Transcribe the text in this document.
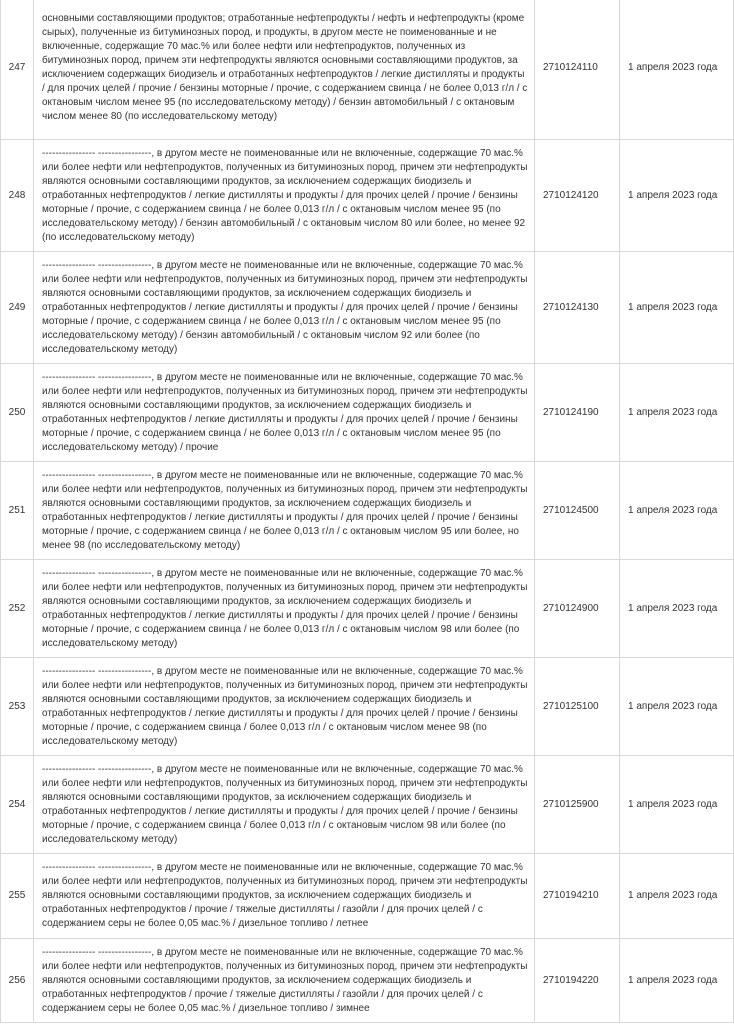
247	основными составляющими продуктов; отработанные нефтепродукты / нефть и нефтепродукты (кроме сырых), полученные из битуминозных пород, и продукты, в другом месте не поименованные и не включенные, содержащие 70 мас.% или более нефти или нефтепродуктов, полученных из битуминозных пород, причем эти нефтепродукты являются основными составляющими продуктов, за исключением содержащих биодизель и отработанных нефтепродуктов / легкие дистилляты и продукты / для прочих целей / прочие / бензины моторные / прочие, с содержанием свинца / не более 0,013 г/л / с октановым числом менее 95 (по исследовательскому методу) / бензин автомобильный / с октановым числом менее 80 (по исследовательскому методу)	2710124110	1 апреля 2023 года
248	---------------- ----------------, в другом месте не поименованные или не включенные, содержащие 70 мас.% или более нефти или нефтепродуктов, полученных из битуминозных пород, причем эти нефтепродукты являются основными составляющими продуктов, за исключением содержащих биодизель и отработанных нефтепродуктов / легкие дистилляты и продукты / для прочих целей / прочие / бензины моторные / прочие, с содержанием свинца / не более 0,013 г/л / с октановым числом менее 95 (по исследовательскому методу) / бензин автомобильный / с октановым числом 80 или более, но менее 92 (по исследовательскому методу)	2710124120	1 апреля 2023 года
249	---------------- ----------------, в другом месте не поименованные или не включенные, содержащие 70 мас.% или более нефти или нефтепродуктов, полученных из битуминозных пород, причем эти нефтепродукты являются основными составляющими продуктов, за исключением содержащих биодизель и отработанных нефтепродуктов / легкие дистилляты и продукты / для прочих целей / прочие / бензины моторные / прочие, с содержанием свинца / не более 0,013 г/л / с октановым числом менее 95 (по исследовательскому методу) / бензин автомобильный / с октановым числом 92 или более (по исследовательскому методу)	2710124130	1 апреля 2023 года
250	---------------- ----------------, в другом месте не поименованные или не включенные, содержащие 70 мас.% или более нефти или нефтепродуктов, полученных из битуминозных пород, причем эти нефтепродукты являются основными составляющими продуктов, за исключением содержащих биодизель и отработанных нефтепродуктов / легкие дистилляты и продукты / для прочих целей / прочие / бензины моторные / прочие, с содержанием свинца / не более 0,013 г/л / с октановым числом менее 95 (по исследовательскому методу) / прочие	2710124190	1 апреля 2023 года
251	---------------- ----------------, в другом месте не поименованные или не включенные, содержащие 70 мас.% или более нефти или нефтепродуктов, полученных из битуминозных пород, причем эти нефтепродукты являются основными составляющими продуктов, за исключением содержащих биодизель и отработанных нефтепродуктов / легкие дистилляты и продукты / для прочих целей / прочие / бензины моторные / прочие, с содержанием свинца / не более 0,013 г/л / с октановым числом 95 или более, но менее 98 (по исследовательскому методу)	2710124500	1 апреля 2023 года
252	---------------- ----------------, в другом месте не поименованные или не включенные, содержащие 70 мас.% или более нефти или нефтепродуктов, полученных из битуминозных пород, причем эти нефтепродукты являются основными составляющими продуктов, за исключением содержащих биодизель и отработанных нефтепродуктов / легкие дистилляты и продукты / для прочих целей / прочие / бензины моторные / прочие, с содержанием свинца / не более 0,013 г/л / с октановым числом 98 или более (по исследовательскому методу)	2710124900	1 апреля 2023 года
253	---------------- ----------------, в другом месте не поименованные или не включенные, содержащие 70 мас.% или более нефти или нефтепродуктов, полученных из битуминозных пород, причем эти нефтепродукты являются основными составляющими продуктов, за исключением содержащих биодизель и отработанных нефтепродуктов / легкие дистилляты и продукты / для прочих целей / прочие / бензины моторные / прочие, с содержанием свинца / более 0,013 г/л / с октановым числом менее 98 (по исследовательскому методу)	2710125100	1 апреля 2023 года
254	---------------- ----------------, в другом месте не поименованные или не включенные, содержащие 70 мас.% или более нефти или нефтепродуктов, полученных из битуминозных пород, причем эти нефтепродукты являются основными составляющими продуктов, за исключением содержащих биодизель и отработанных нефтепродуктов / легкие дистилляты и продукты / для прочих целей / прочие / бензины моторные / прочие, с содержанием свинца / более 0,013 г/л / с октановым числом 98 или более (по исследовательскому методу)	2710125900	1 апреля 2023 года
255	---------------- ----------------, в другом месте не поименованные или не включенные, содержащие 70 мас.% или более нефти или нефтепродуктов, полученных из битуминозных пород, причем эти нефтепродукты являются основными составляющими продуктов, за исключением содержащих биодизель и отработанных нефтепродуктов / прочие / тяжелые дистилляты / газойли / для прочих целей / с содержанием серы не более 0,05 мас.% / дизельное топливо / летнее	2710194210	1 апреля 2023 года
256	---------------- ----------------, в другом месте не поименованные или не включенные, содержащие 70 мас.% или более нефти или нефтепродуктов, полученных из битуминозных пород, причем эти нефтепродукты являются основными составляющими продуктов, за исключением содержащих биодизель и отработанных нефтепродуктов / прочие / тяжелые дистилляты / газойли / для прочих целей / с содержанием серы не более 0,05 мас.% / дизельное топливо / зимнее	2710194220	1 апреля 2023 года
